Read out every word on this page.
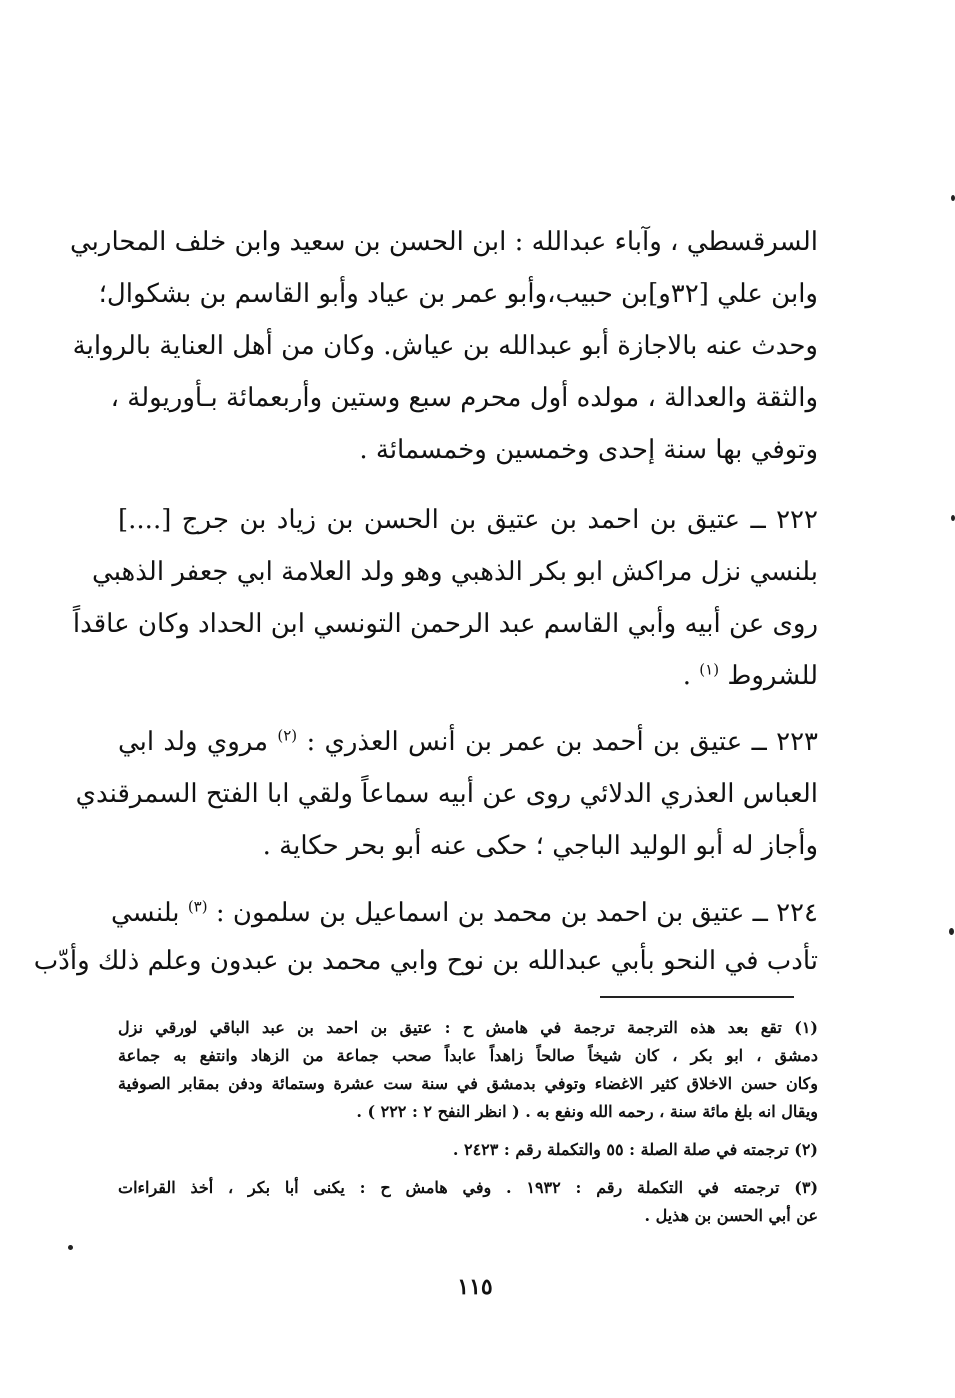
السرقسطي ، وآباء عبدالله : ابن الحسن بن سعيد وابن خلف المحاربي
وابن علي [٣٢و]بن حبيب،وأبو عمر بن عياد وأبو القاسم بن بشكوال؛
وحدث عنه بالاجازة أبو عبدالله بن عياش. وكان من أهل العناية بالرواية
والثقة والعدالة ، مولده أول محرم سبع وستين وأربعمائة بـأوريولة ،
وتوفي بها سنة إحدى وخمسين وخمسمائة .
٢٢٢ ــ عتيق بن احمد بن عتيق بن الحسن بن زياد بن جرج [....]
بلنسي نزل مراكش ابو بكر الذهبي وهو ولد العلامة ابي جعفر الذهبي
روى عن أبيه وأبي القاسم عبد الرحمن التونسي ابن الحداد وكان عاقداً
للشروط $^{(١)}$ .
٢٢٣ ــ عتيق بن أحمد بن عمر بن أنس العذري : $^{(٢)}$ مروي ولد ابي
العباس العذري الدلائي روى عن أبيه سماعاً ولقي ابا الفتح السمرقندي
وأجاز له أبو الوليد الباجي ؛ حكى عنه أبو بحر حكاية .
٢٢٤ ــ عتيق بن احمد بن محمد بن اسماعيل بن سلمون : $^{(٣)}$ بلنسي
تأدب في النحو بأبي عبدالله بن نوح وابي محمد بن عبدون وعلم ذلك وأدّب
(١) تقع بعد هذه الترجمة ترجمة في هامش ح : عتيق بن احمد بن عبد الباقي لورقي نزل
دمشق ، ابو بكر ، كان شيخاً صالحاً زاهداً عابداً صحب جماعة من الزهاد وانتفع به جماعة
وكان حسن الاخلاق كثير الاغضاء وتوفي بدمشق في سنة ست عشرة وستمائة ودفن بمقابر الصوفية
ويقال انه بلغ مائة سنة ، رحمه الله ونفع به . ( انظر النفح ٢ : ٢٢٢ ) .
(٢) ترجمته في صلة الصلة : ٥٥ والتكملة رقم : ٢٤٢٣ .
(٣) ترجمته في التكملة رقم : ١٩٣٢ . وفي هامش ح : يكنى أبا بكر ، أخذ القراءات
عن أبي الحسن بن هذيل .
١١٥
